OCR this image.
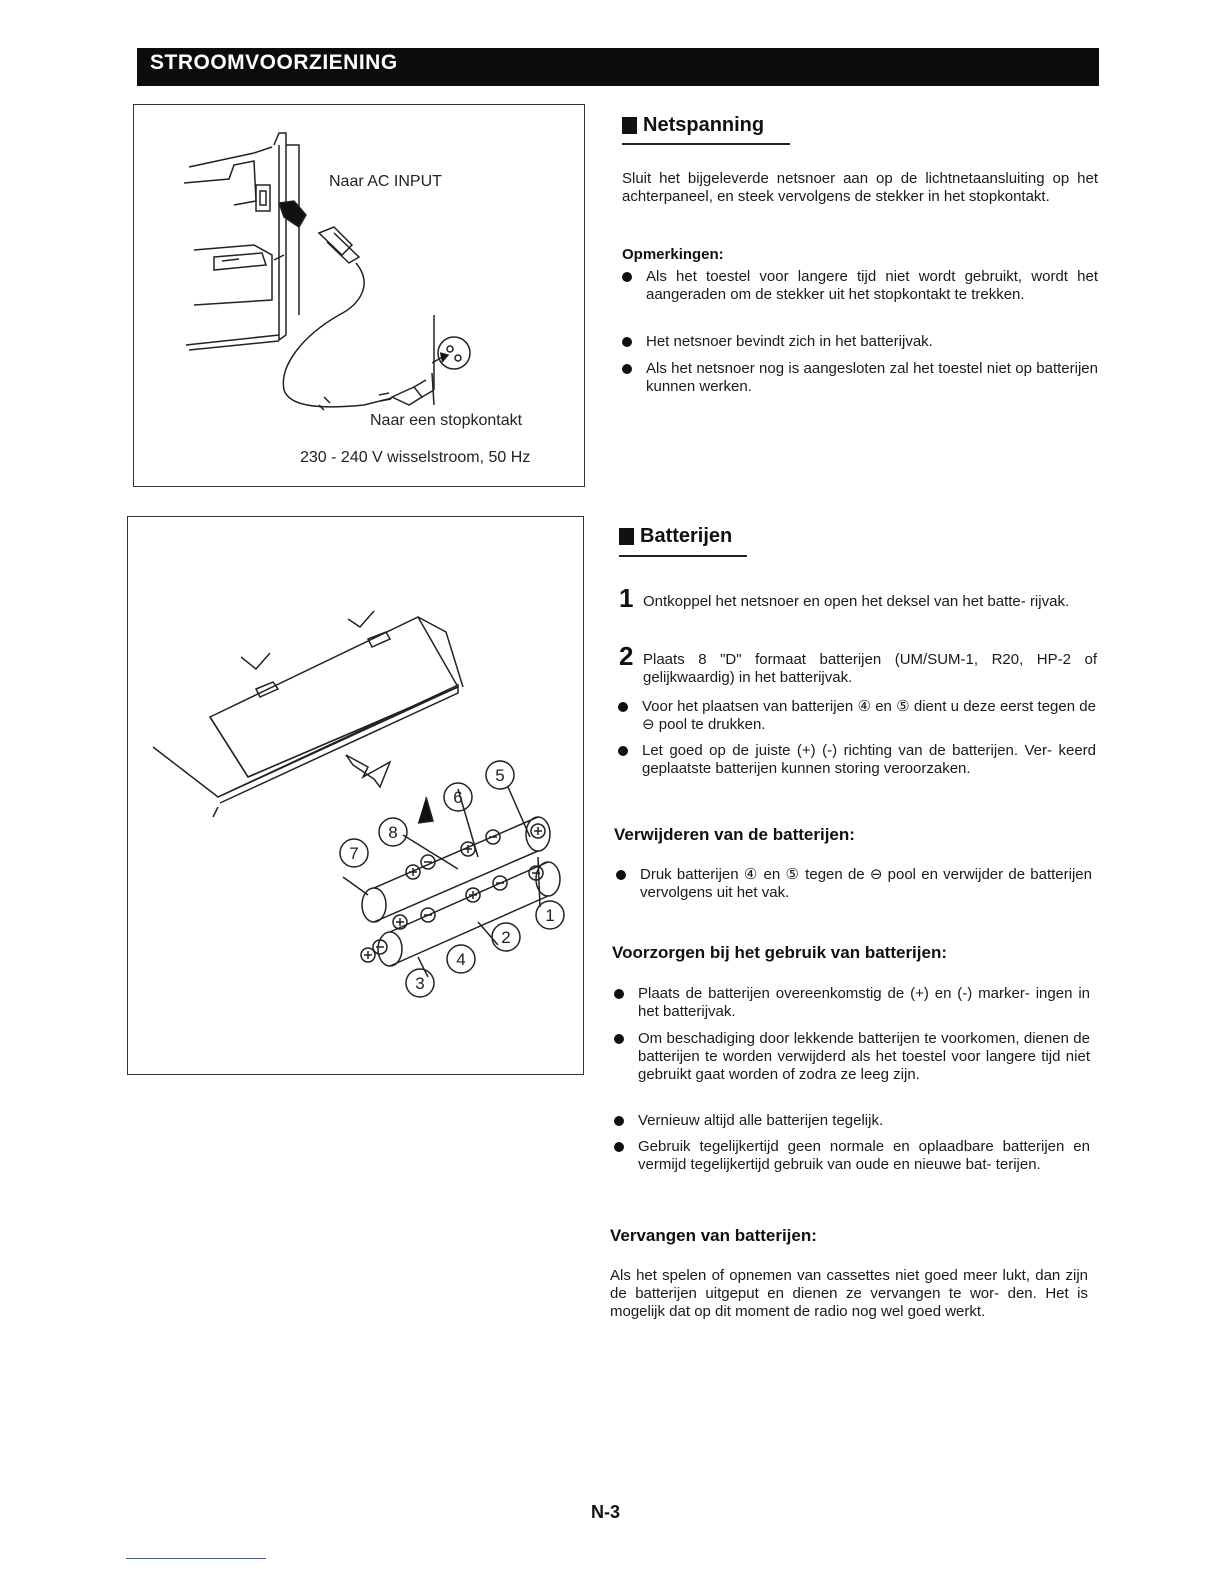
STROOMVOORZIENING
Naar AC INPUT
Naar een stopkontakt
230 - 240 V wisselstroom, 50 Hz
1
2
3
4
5
6
7
8
Netspanning
Sluit het bijgeleverde netsnoer aan op de lichtnetaansluiting op het achterpaneel, en steek vervolgens de stekker in het stopkontakt.
Opmerkingen:
Als het toestel voor langere tijd niet wordt gebruikt, wordt het aangeraden om de stekker uit het stopkontakt te trekken.
Het netsnoer bevindt zich in het batterijvak.
Als het netsnoer nog is aangesloten zal het toestel niet op batterijen kunnen werken.
Batterijen
1 Ontkoppel het netsnoer en open het deksel van het batte- rijvak.
2 Plaats 8 "D" formaat batterijen (UM/SUM-1, R20, HP-2 of gelijkwaardig) in het batterijvak.
Voor het plaatsen van batterijen ④ en ⑤ dient u deze eerst tegen de ⊖ pool te drukken.
Let goed op de juiste (+) (-) richting van de batterijen. Ver- keerd geplaatste batterijen kunnen storing veroorzaken.
Verwijderen van de batterijen:
Druk batterijen ④ en ⑤ tegen de ⊖ pool en verwijder de batterijen vervolgens uit het vak.
Voorzorgen bij het gebruik van batterijen:
Plaats de batterijen overeenkomstig de (+) en (-) marker- ingen in het batterijvak.
Om beschadiging door lekkende batterijen te voorkomen, dienen de batterijen te worden verwijderd als het toestel voor langere tijd niet gebruikt gaat worden of zodra ze leeg zijn.
Vernieuw altijd alle batterijen tegelijk.
Gebruik tegelijkertijd geen normale en oplaadbare batterijen en vermijd tegelijkertijd gebruik van oude en nieuwe bat- terijen.
Vervangen van batterijen:
Als het spelen of opnemen van cassettes niet goed meer lukt, dan zijn de batterijen uitgeput en dienen ze vervangen te wor- den. Het is mogelijk dat op dit moment de radio nog wel goed werkt.
N-3
